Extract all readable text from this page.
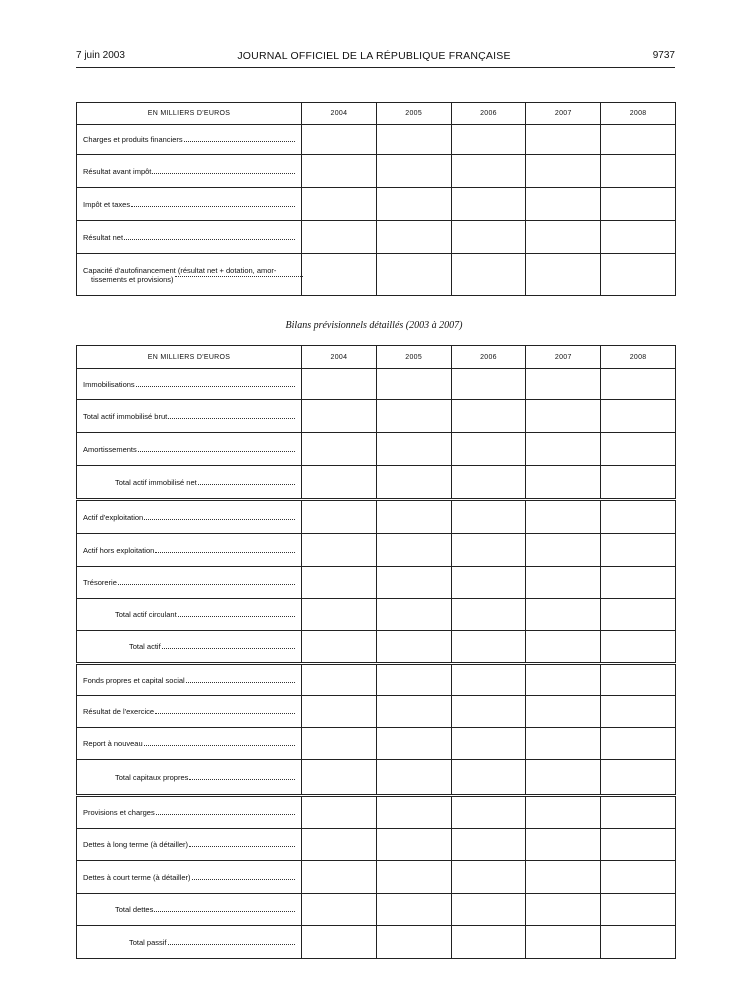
7 juin 2003	JOURNAL OFFICIEL DE LA RÉPUBLIQUE FRANÇAISE	9737
EN MILLIERS D'EUROS	2004	2005	2006	2007	2008

Charges et produits financiers					

Résultat avant impôt					

Impôt et taxes					

Résultat net					

Capacité d'autofinancement (résultat net + dotation, amor-
tissements et provisions)					

Bilans prévisionnels détaillés (2003 à 2007)
EN MILLIERS D'EUROS	2004	2005	2006	2007	2008

Immobilisations					

Total actif immobilisé brut					

Amortissements					

Total actif immobilisé net					

Actif d'exploitation					

Actif hors exploitation					

Trésorerie					

Total actif circulant					

Total actif					

Fonds propres et capital social					

Résultat de l'exercice					

Report à nouveau					

Total capitaux propres					

Provisions et charges					

Dettes à long terme (à détailler)					

Dettes à court terme (à détailler)					

Total dettes					

Total passif					
